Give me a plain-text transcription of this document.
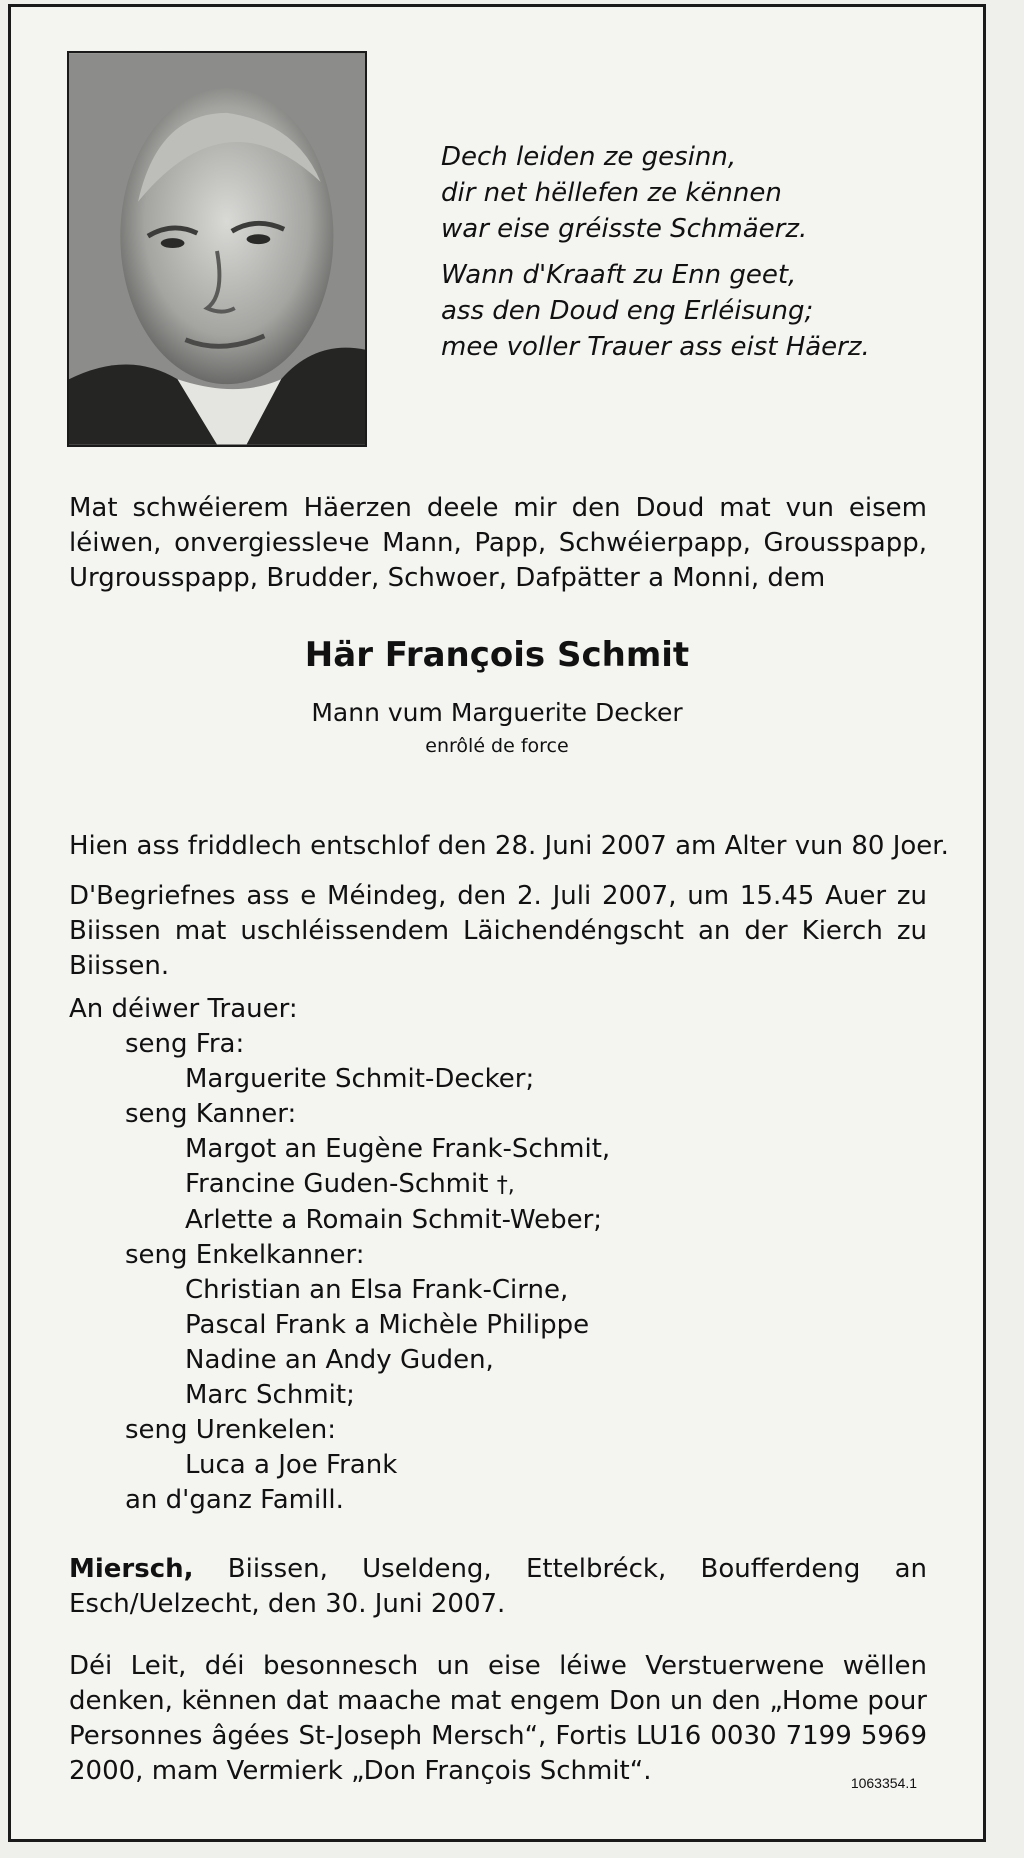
Dech leiden ze gesinn,
dir net hëllefen ze kënnen
war eise gréisste Schmäerz.
Wann d'Kraaft zu Enn geet,
ass den Doud eng Erléisung;
mee voller Trauer ass eist Häerz.
Mat schwéierem Häerzen deele mir den Doud mat vun eisem léiwen, onvergiesslече Mann, Papp, Schwéierpapp, Grousspapp, Urgrousspapp, Brudder, Schwoer, Dafpätter a Monni, dem
Här François Schmit
Mann vum Marguerite Decker
enrôlé de force
Hien ass friddlech entschlof den 28. Juni 2007 am Alter vun 80 Joer.
D'Begriefnes ass e Méindeg, den 2. Juli 2007, um 15.45 Auer zu Biissen mat uschléissendem Läichendéngscht an der Kierch zu Biissen.
An déiwer Trauer:
seng Fra:
Marguerite Schmit-Decker;
seng Kanner:
Margot an Eugène Frank-Schmit,
Francine Guden-Schmit †,
Arlette a Romain Schmit-Weber;
seng Enkelkanner:
Christian an Elsa Frank-Cirne,
Pascal Frank a Michèle Philippe
Nadine an Andy Guden,
Marc Schmit;
seng Urenkelen:
Luca a Joe Frank
an d'ganz Famill.
Miersch, Biissen, Useldeng, Ettelbréck, Boufferdeng an Esch/Uelzecht, den 30. Juni 2007.
Déi Leit, déi besonnesch un eise léiwe Verstuerwene wëllen denken, kënnen dat maache mat engem Don un den „Home pour Personnes âgées St-Joseph Mersch“, Fortis LU16 0030 7199 5969 2000, mam Vermierk „Don François Schmit“.	1063354.1
